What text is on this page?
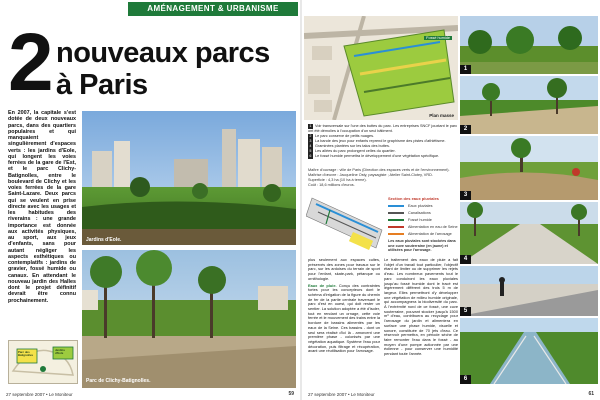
AMÉNAGEMENT & URBANISME
2 nouveaux parcs
à Paris
En 2007, la capitale s'est dotée de deux nouveaux parcs, dans des quartiers populaires et qui manquaient singulièrement d'espaces verts : les jardins d'Eole, qui longent les voies ferrées de la gare de l'Est, et le parc Clichy-Batignolles, entre le boulevard de Clichy et les voies ferrées de la gare Saint-Lazare. Deux parcs qui se veulent en prise directe avec les usages et les habitudes des riverains : une grande importance est donnée aux activités physiques, au sport, aux jeux d'enfants, sans pour autant négliger les aspects esthétiques ou contemplatifs : jardins de gravier, fossé humide ou canaux. En attendant le nouveau jardin des Halles dont le projet définitif devrait être connu prochainement.
Jardins d'Eole.
Parc de Clichy-Batignolles.
Parc des Batignolles
Jardins d'Eole
27 septembre 2007 • Le Moniteur	59
Fossé humide
Plan masse
1 Voir transversale sur l'une des buttes du parc. Les entreprises SNCF jouxtant le parc ont été démolies à l'occupation d'un seul bâtiment.
2 Le parc conserve de petits nuages.
3 La bande des jeux pour enfants reprend le graphisme des pistes d'athlétisme.
4 Graminées plantées sur les talus des buttes.
5 Les allées du parc prolongent celles du quartier.
6 Le fossé humide permettra le développement d'une végétation spécifique.
Maître d'ouvrage : ville de Paris (Direction des espaces verts et de l'environnement).
Maîtrise d'œuvre : Jacqueline Osty, paysagiste ; Atelier Saint-Clotey, VRD.
Superficie : 4,3 ha (10 ha à terme).
Coût : 18,6 millions d'euros.
Section des eaux pluviales
Eaux pluviales
Canalisations
Fossé humide
Alimentation en eau de Seine
Alimentation de l'arrosage
Les eaux pluviales sont stockées dans une cuve souterraine (en jaune) et utilisées pour l'arrosage.
plus seulement aux espaces cultes, préservés des zones pour travaux sur le parc, sur les ardoises du terrain de sport pour l'enfant, skate-park, pétanque ou ornithologie.
Eaux de pluie. Conçu des contraintes fortes pour les concepteurs dont le schéma d'irrigation de la figure du chemin de fer de la partie centrale traversant le parc d'est en ouest, qui doit rester un sentier. La solution adoptée a été d'isoler, tout en rendant un ornage, cette voie ferrée et le mouvement des trains entre la bordure de bassins alimentés par les eaux de la Seine. Ces bassins - dont un seul sera réalisé d'ici là - amorcent une première phase - colonisés par une végétation aquatique. Système l'eau pour décoration, puis filtrage et récupération, avant une réutilisation pour l'arrosage.
Le traitement des eaux de pluie a fait l'objet d'un travail tout particulier, l'objectif étant de limiter ou de supprimer les rejets d'eau. Les nombreux pavements tout le parc conduiront les eaux pluviales jusqu'au fossé humide dont le tracé est légèrement différent des trois 5 m de largeur. Elles permettront d'y développer une végétation de milieu humide originale, qui accompagnera la biodiversité du parc. À l'extrémité nord de ce fossé, une cuve souterraine, pouvant stocker jusqu'à 1500 m³ d'eau, contribuera au recyclage pour l'arrosage du jardin et alimentera en surface une phase humide, visuelle et sonore, constituée de 70 jets d'eau. Ce réservoir permettra, en période sèche de faire remonter l'eau dans le fossé - au moyen d'une pompe actionnée par une éolienne - pour conserver une humidité pendant toute l'année.
1
2
3
4
5
6
27 septembre 2007 • Le Moniteur	61
